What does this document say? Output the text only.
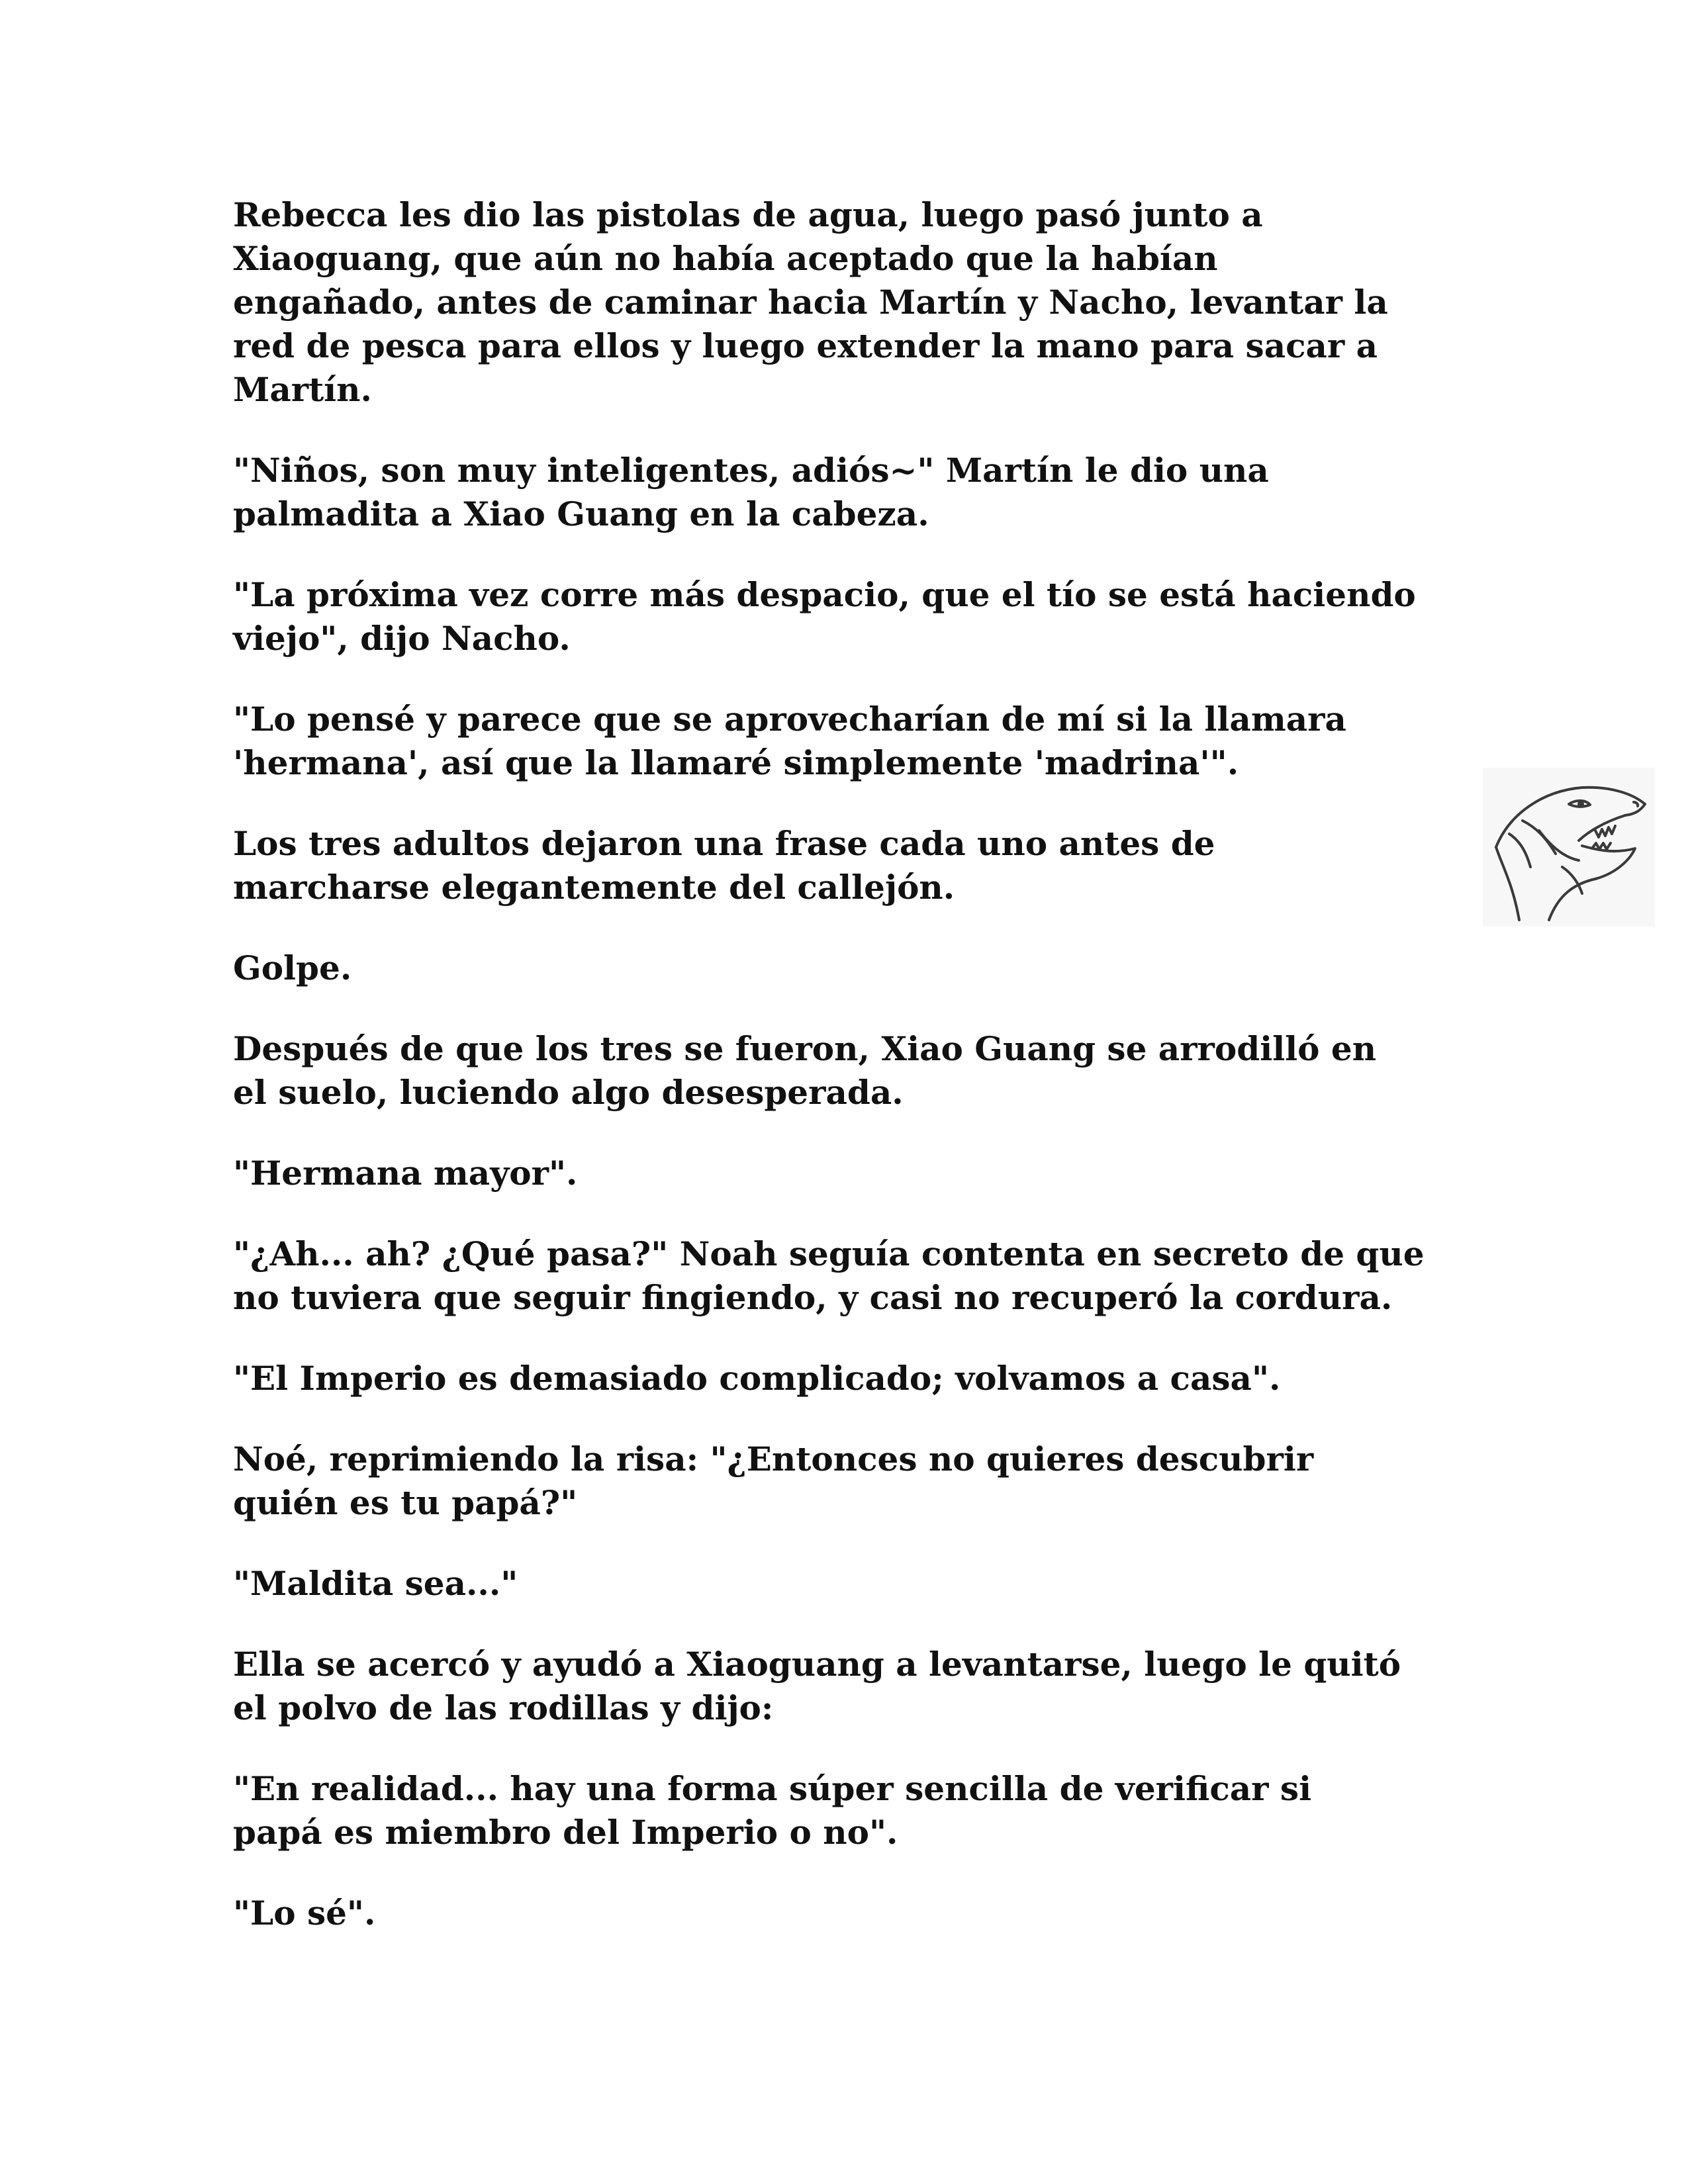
Rebecca les dio las pistolas de agua, luego pasó junto a
Xiaoguang, que aún no había aceptado que la habían
engañado, antes de caminar hacia Martín y Nacho, levantar la
red de pesca para ellos y luego extender la mano para sacar a
Martín.
"Niños, son muy inteligentes, adiós~" Martín le dio una
palmadita a Xiao Guang en la cabeza.
"La próxima vez corre más despacio, que el tío se está haciendo
viejo", dijo Nacho.
"Lo pensé y parece que se aprovecharían de mí si la llamara
'hermana', así que la llamaré simplemente 'madrina'".
Los tres adultos dejaron una frase cada uno antes de
marcharse elegantemente del callejón.
Golpe.
Después de que los tres se fueron, Xiao Guang se arrodilló en
el suelo, luciendo algo desesperada.
"Hermana mayor".
"¿Ah... ah? ¿Qué pasa?" Noah seguía contenta en secreto de que
no tuviera que seguir fingiendo, y casi no recuperó la cordura.
"El Imperio es demasiado complicado; volvamos a casa".
Noé, reprimiendo la risa: "¿Entonces no quieres descubrir
quién es tu papá?"
"Maldita sea..."
Ella se acercó y ayudó a Xiaoguang a levantarse, luego le quitó
el polvo de las rodillas y dijo:
"En realidad... hay una forma súper sencilla de verificar si
papá es miembro del Imperio o no".
"Lo sé".
